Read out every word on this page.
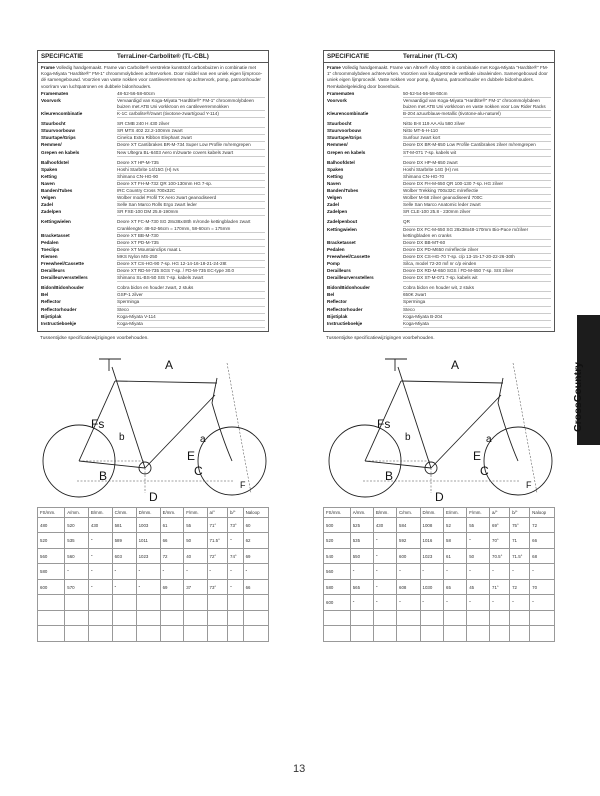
SPECIFICATIE	TerraLiner-Carbolite® (TL-CBL)
Frame Volledig handgemaakt. Frame van Carbolite® verstrekte kunststof carbonbuizen in combinatie met Koga-Miyata "Hardtite®" FM-1" chroommolybdeen achtervorken. Door middel van een uniek eigen lijmprocedé samengebouwd. Voorzien van vaste nokken voor cantileverremmen op achtervork, pomp, patroonhouder voor/ram van luchtpatronen en dubbele bidonhouders.
Framematen	48-52-56-58-60cm
Voorvork	Vervaardigd van Koga-Miyata "Hardtite®" FM-1" chroommolybdeen buizen met ATB Uni vorkkroon en cantileverremnokken
Kleurencombinatie	K-1C carbolite®/zwart (tivotone-zwart/goud Y-114)
Stuurbocht	SR CMB 240 H 430 zilver
Stuurvoorbouw	SR MTS 402 22.2-100mm zwart
Stuurtape/Grips	Cinelca Extra Ribbon Elephant zwart
Remmen/	Deore XT Cantibrakes BR-M-734 Super Low Profile m/remgrepen
Grepen en kabels	New Ultegra BL-6403 Aero m/zwarte covers kabels zwart
Balhoofdstel	Deore XT HP-M-735
Spaken	Hoshi Starbrite 14/15G (H) rvs
Ketting	Shimano CN-HG-90
Naven	Deore XT FH-M-732 QR 100-130mm HG 7-sp.
Banden/Tubes	IRC Country Cross 700x32C
Velgen	Wolber model Profil TX Aero zwart geanodiseerd
Zadel	Selle San Marco Rolls Ergo zwart leder
Zadelpen	SR FXE-100 DM 25.8-190mm
Kettingwielen	Deore XT FC-M-730 SG 28x38x48th m/ronde kettingbladen zwart Cranklengte: 48-52-56cm = 170mm, 58-60cm = 175mm
Bracketasset	Deore XT BB-M-730
Pedalen	Deore XT PD-M-735
Toeclips	Deore XT Mountainclips maat L
Riemen	MKS Nylon MS-250
Freewheel/Cassette	Deore XT CS-HG-90 7-sp. HG 12-14-16-18-21-24-28t
Derailleurs	Deore XT RD-M-735 SGS 7-sp. / FD-M-735 EC-type 30.0
Derailleurversstellers	Shimano SL-BS-50 SIS 7-sp. kabels zwart
Bidon/Bidonhouder	Cobra bidon en houder zwart, 2 stuks
Bel	GSP-1 zilver
Reflector	Sperminga
Reflectorhouder	Steco
Bijstiplak	Koga-Miyata V-114
Instructieboekje	Koga-Miyata
Tussentijdse specificatiewijzigingen voorbehouden.
A
Fs
b	a
E
B	C
D
F
FS/mm.	A/mm.	B/mm.	C/mm.	D/mm.	E/mm.	F/mm.	a/°	b/°	Naloop
480	520	430	581	1003	61	55	71°	73°	60
520	535	"	589	1011	66	50	71.5°	"	62
560	560	"	603	1023	72	40	72°	74°	69
580	"	"	"	"	"	"	"	"	"
600	570	"	"	"	69	37	73°	"	66

SPECIFICATIE	TerraLiner (TL-CX)
Frame Volledig handgemaakt. Frame van Altrex® Alloy 6000 in combinatie met Koga-Miyata "Hardtite®" FM-1" chroommolybdeen achtervorken. Voorzien van koudgesmede vertikale uitvaleinden. Samengebouwd door uniek eigen lijmprocedé. Vaste nokken voor pomp, dynamo, patroonhouder en dubbele bidonhouders. Remkabelgeleiding door bovenbuis.
Framematen	50-52-54-56-58-60cm
Voorvork	Vervaardigd van Koga-Miyata "Hardtite®" FM-1" chroommolybdeen buizen met ATB Uni vorkkroon en vaste nokken voor Low Rider Racks
Kleurencombinatie	B-204 azuurblauw-metallic (tivotone-alu-naturel)
Stuurbocht	Nitto B-8 119 AA Alu 580 zilver
Stuurvoorbouw	Nitto MT-5-H-110
Stuurtape/Grips	Sunfour zwart kort
Remmen/	Deore DX BR-M-650 Low Profile Cantibrakes zilver m/remgrepen
Grepen en kabels	ST-M-071 7-sp. kabels wit
Balhoofdstel	Deore DX HP-M-650 zwart
Spaken	Hoshi Starbrite 14G (H) rvs
Ketting	Shimano CN-HG-70
Naven	Deore DX FH-M-650 QR 100-130 7-sp. HG zilver
Banden/Tubes	Wolber Trekking 700x32C m/reflectie
Velgen	Wolber M-58 zilver geanodiseerd 700C
Zadel	Selle San Marco Anatomic leder zwart
Zadelpen	SR CLE-100 25.8 - 230mm zilver
Zadelpenbout	QR
Kettingwielen	Deore DX FC-M-650 SG 28x38x48-170mm Bio-Pace m/zilver kettingbladen en cranks
Bracketasset	Deore DX BB-MT-60
Pedalen	Deore DX PD-M650 m/reflectie zilver
Freewheel/Cassette	Deore DX CS-HG-70 7-sp. c/p 13-15-17-20-22-26-30th
Pomp	Silca, model 72-20 m/l nr c/p einden
Derailleurs	Deore DX RD-M-650 SGS / FD-M-650 7-sp. SIS zilver
Derailleurversstellers	Deore DX ST-M-071 7-sp. kabels wit
Bidon/Bidonhouder	Cobra bidon en houder wit, 2 stuks
Bel	650K zwart
Reflector	Sperminga
Reflectorhouder	Steco
Bijstiplak	Koga-Miyata B-204
Instructieboekje	Koga-Miyata
Tussentijdse specificatiewijzigingen voorbehouden.
A
Fs
b	a
E
B	C
D
F
FS/mm.	A/mm.	B/mm.	C/mm.	D/mm.	E/mm.	F/mm.	a/°	b/°	Naloop
500	525	430	584	1008	52	55	69°	75°	72
520	535	"	592	1016	58	"	70°	71	66
540	550	"	600	1023	61	50	70.5°	71.5°	68
560	"	"	"	"	"	"	"	"	"
580	565	"	608	1030	65	45	71°	72	70
600	"	"	"	"	"	"	"	"	"

CrossCountry
13
